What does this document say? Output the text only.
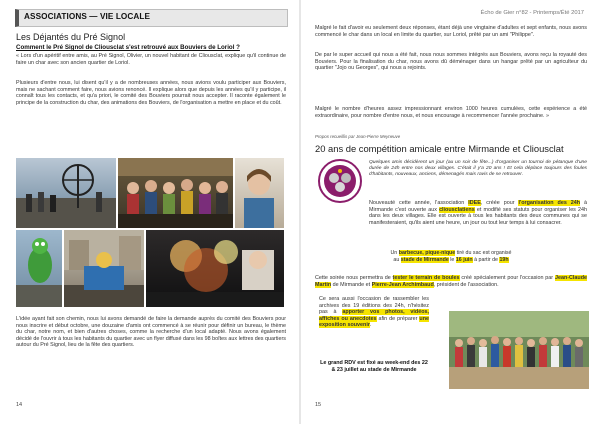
ASSOCIATIONS — VIE LOCALE
Les Déjantés du Pré Signol
Comment le Pré Signol de Cliousclat s'est retrouvé aux Bouviers de Loriol ?
« Lors d'un apéritif entre amis, au Pré Signol, Olivier, un nouvel habitant de Cliousclat, explique qu'il continue de faire un char avec son ancien quartier de Loriol.
Plusieurs d'entre nous, lui disent qu'il y a de nombreuses années, nous avions voulu participer aux Bouviers, mais ne sachant comment faire, nous avions renoncé. Il explique alors que depuis les années qu'il y participe, il connaît tous les contacts, et qu'a priori, le comité des Bouviers pourrait nous accepter. Il raconte également le principe de la construction du char, des animations des Bouviers, de l'organisation a mettre en place et du coût.
L'idée ayant fait son chemin, nous lui avons demandé de faire la demande auprès du comité des Bouviers pour nous inscrire et début octobre, une douzaine d'amis ont commencé à se réunir pour définir un bureau, le thème du char, notre nom, et bien d'autres choses, comme la recherche d'un local adapté. Nous avons également décidé de l'ouvrir à tous les habitants du quartier avec un flyer diffusé dans les 98 boîtes aux lettres des quartiers autour du Pré Signol, lieu de la fête des quartiers.
14
Écho de Gier n°82 - Printemps/Été 2017
Malgré le fait d'avoir eu seulement deux réponses, étant déjà une vingtaine d'adultes et sept enfants, nous avons commencé le char dans un local en limite du quartier, sur Loriol, prêté par un ami "Philippe".
De par le super accueil qui nous a été fait, nous nous sommes intégrés aux Bouviers, avons reçu la royauté des Bouviers. Pour la finalisation du char, nous avons dû déménager dans un hangar prêté par un agriculteur du quartier "Jojo ou Georges", qui nous a rejoints.
Malgré le nombre d'heures assez impressionnant environ 1000 heures cumulées, cette expérience a été extraordinaire, pour nombre d'entre nous, et nous encourage à recommencer l'année prochaine. »
Propos recueillis par Jean-Pierre Meyneuve
20 ans de compétition amicale entre Mirmande et Cliousclat
Quelques amis décidèrent un jour (au un soir de fête...) d'organiser un tournoi de pétanque d'une durée de 24h entre nos deux villages. C'était il y'a 20 ans ! Et cela déplace toujours des foules d'habitants, nouveaux, anciens, démenagés mais ravis de se retrouver.
Nouveauté cette année, l'association IDEE, créée pour l'organisation des 24h à Mirmande c'est ouverte aux cliousclatiens et modifié ses statuts pour organiser les 24h dans les deux villages. Elle est ouverte à tous les habitants des deux communes qui se manifesteraient, qu'ils aient une heure, un jour ou tout leur temps à lui consacrer.
Un barbecue, pique-nique tiré du sac est organisé
au stade de Mirmande le 16 juin à partir de 19h
Cette soirée nous permettra de tester le terrain de boules créé spécialement pour l'occasion par Jean-Claude Martin de Mirmande et Pierre-Jean Archimbaud, président de l'association.
Ce sera aussi l'occasion de rassembler les archives des 19 éditions des 24h, n'hésitez pas à apporter vos photos, vidéos, affiches ou anecdotes afin de préparer une exposition souvenir.
Le grand RDV est fixé au week-end des 22 & 23 juillet au stade de Mirmande
15
